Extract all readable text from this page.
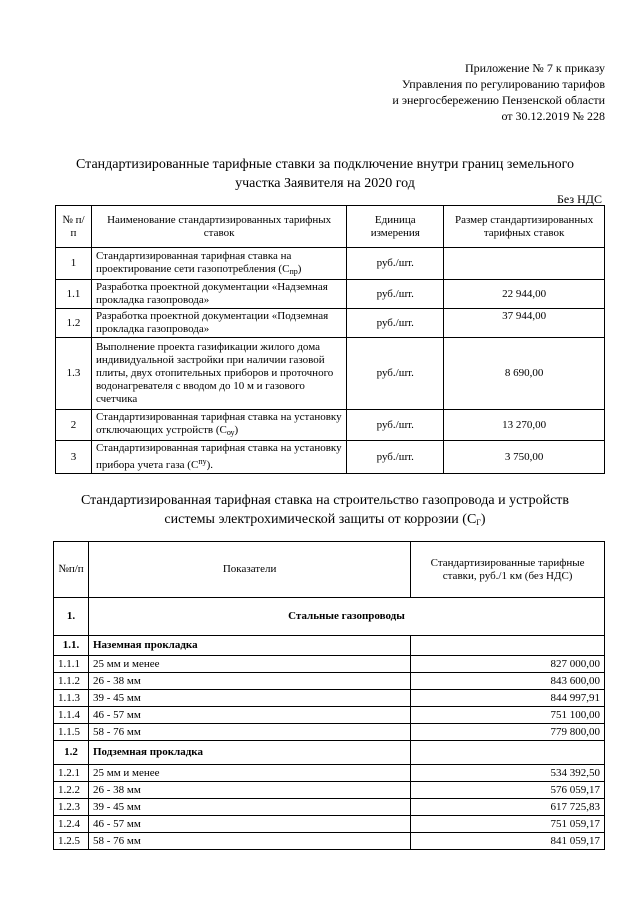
Приложение № 7 к приказу
Управления по регулированию тарифов
и энергосбережению Пензенской области
от 30.12.2019 № 228
Стандартизированные тарифные ставки за подключение внутри границ земельного
участка Заявителя на 2020 год
Без НДС
№ п/п	Наименование стандартизированных тарифных ставок	Единица измерения	Размер стандартизированных тарифных ставок
1	Стандартизированная тарифная ставка на проектирование сети газопотребления $(С_{пр})$	руб./шт.	
1.1	Разработка проектной документации «Надземная прокладка газопровода»	руб./шт.	22 944,00
1.2	Разработка проектной документации «Подземная прокладка газопровода»	руб./шт.	37 944,00
1.3	Выполнение проекта газификации жилого дома индивидуальной застройки при наличии газовой плиты, двух отопительных приборов и проточного водонагревателя с вводом до 10 м и газового счетчика	руб./шт.	8 690,00
2	Стандартизированная тарифная ставка на установку отключающих устройств $(С_{оу})$	руб./шт.	13 270,00
3	Стандартизированная тарифная ставка на установку прибора учета газа $(С^{пу})$.	руб./шт.	3 750,00
Стандартизированная тарифная ставка на строительство газопровода и устройств
системы электрохимической защиты от коррозии $(С_Г)$
№п/п	Показатели	Стандартизированные тарифные ставки, руб./1 км (без НДС)
1.	Стальные газопроводы	
1.1.	Наземная прокладка	
1.1.1	25 мм и менее	827 000,00
1.1.2	26 - 38 мм	843 600,00
1.1.3	39 - 45 мм	844 997,91
1.1.4	46 - 57 мм	751 100,00
1.1.5	58 - 76 мм	779 800,00
1.2	Подземная прокладка	
1.2.1	25 мм и менее	534 392,50
1.2.2	26 - 38 мм	576 059,17
1.2.3	39 - 45 мм	617 725,83
1.2.4	46 - 57 мм	751 059,17
1.2.5	58 - 76 мм	841 059,17
